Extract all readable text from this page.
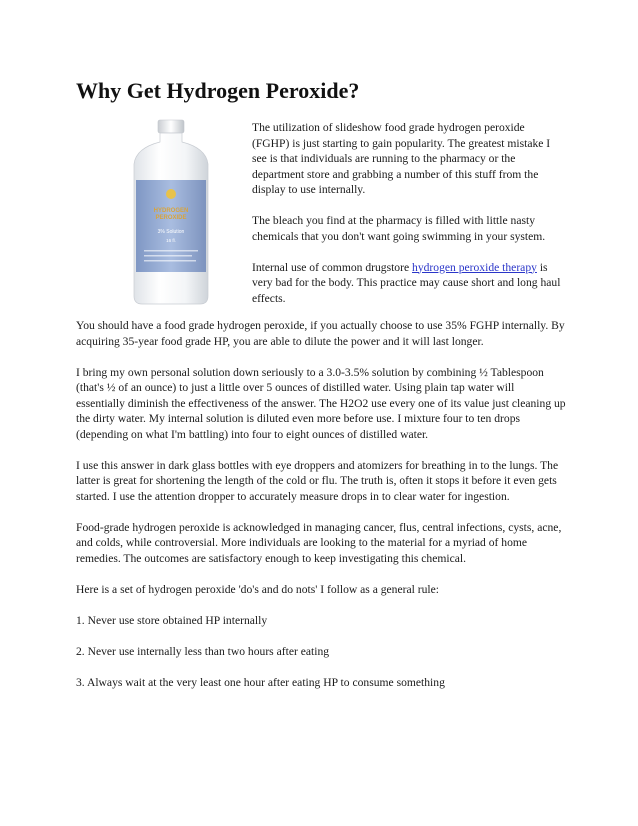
Why Get Hydrogen Peroxide?
HYDROGEN
PEROXIDE
3% Solution
16 fl.

The utilization of slideshow food grade hydrogen peroxide (FGHP) is just starting to gain popularity. The greatest mistake I see is that individuals are running to the pharmacy or the department store and grabbing a number of this stuff from the display to use internally.

The bleach you find at the pharmacy is filled with little nasty chemicals that you don't want going swimming in your system.

Internal use of common drugstore hydrogen peroxide therapy is very bad for the body. This practice may cause short and long haul effects.

You should have a food grade hydrogen peroxide, if you actually choose to use 35% FGHP internally. By acquiring 35-year food grade HP, you are able to dilute the power and it will last longer.

I bring my own personal solution down seriously to a 3.0-3.5% solution by combining ½ Tablespoon (that's ½ of an ounce) to just a little over 5 ounces of distilled water. Using plain tap water will essentially diminish the effectiveness of the answer. The H2O2 use every one of its value just cleaning up the dirty water. My internal solution is diluted even more before use. I mixture four to ten drops (depending on what I'm battling) into four to eight ounces of distilled water.

I use this answer in dark glass bottles with eye droppers and atomizers for breathing in to the lungs. The latter is great for shortening the length of the cold or flu. The truth is, often it stops it before it even gets started. I use the attention dropper to accurately measure drops in to clear water for ingestion.

Food-grade hydrogen peroxide is acknowledged in managing cancer, flus, central infections, cysts, acne, and colds, while controversial. More individuals are looking to the material for a myriad of home remedies. The outcomes are satisfactory enough to keep investigating this chemical.

Here is a set of hydrogen peroxide 'do's and do nots' I follow as a general rule:

1. Never use store obtained HP internally

2. Never use internally less than two hours after eating

3. Always wait at the very least one hour after eating HP to consume something
